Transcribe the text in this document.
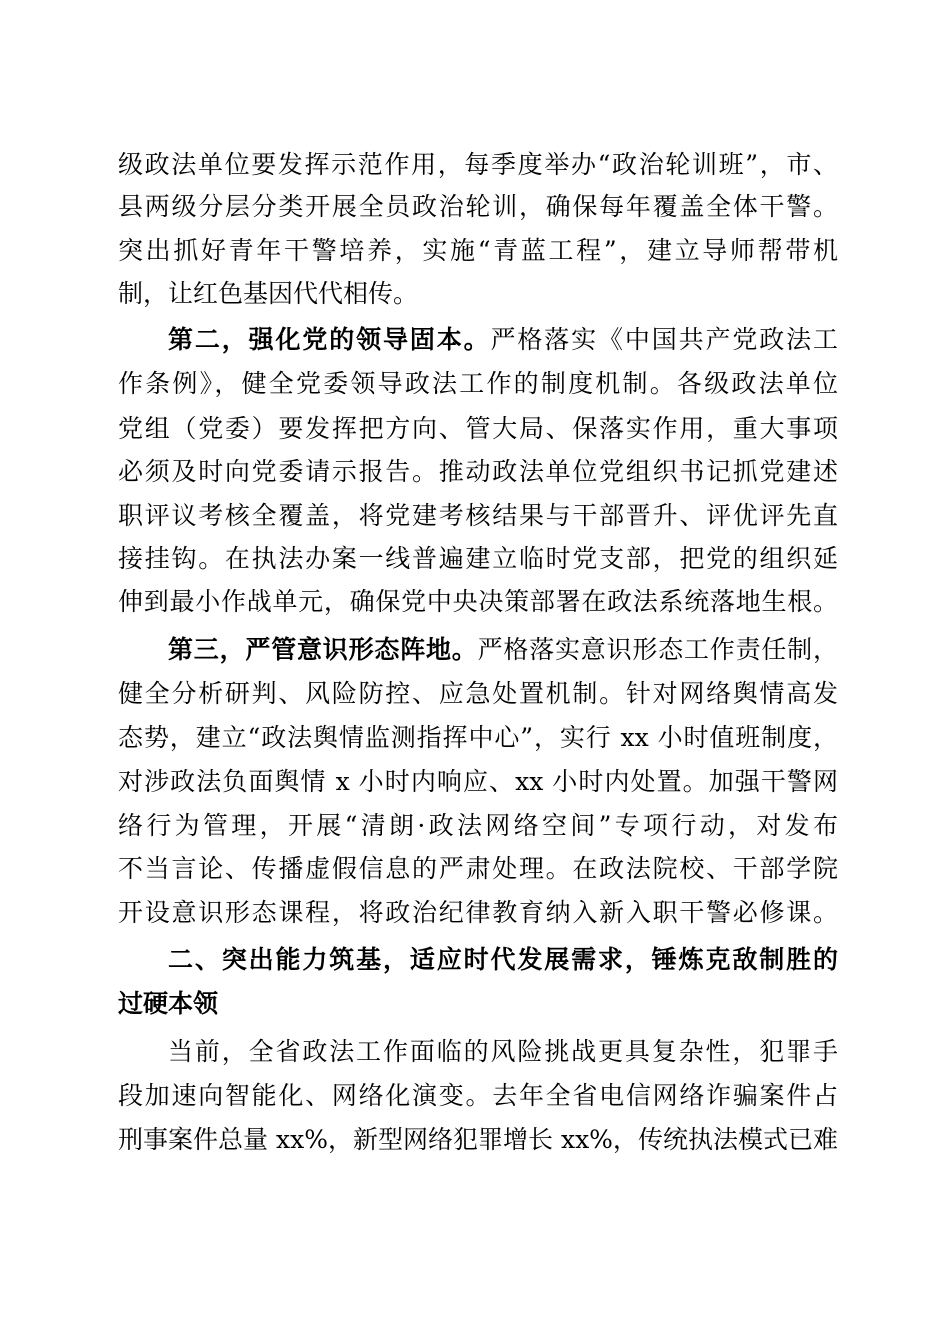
级政法单位要发挥示范作用，每季度举办“政治轮训班”，市、
县两级分层分类开展全员政治轮训，确保每年覆盖全体干警。
突出抓好青年干警培养，实施“青蓝工程”，建立导师帮带机
制，让红色基因代代相传。
第二，强化党的领导固本。严格落实《中国共产党政法工
作条例》，健全党委领导政法工作的制度机制。各级政法单位
党组（党委）要发挥把方向、管大局、保落实作用，重大事项
必须及时向党委请示报告。推动政法单位党组织书记抓党建述
职评议考核全覆盖，将党建考核结果与干部晋升、评优评先直
接挂钩。在执法办案一线普遍建立临时党支部，把党的组织延
伸到最小作战单元，确保党中央决策部署在政法系统落地生根。
第三，严管意识形态阵地。严格落实意识形态工作责任制，
健全分析研判、风险防控、应急处置机制。针对网络舆情高发
态势，建立“政法舆情监测指挥中心”，实行 xx 小时值班制度，
对涉政法负面舆情 x 小时内响应、xx 小时内处置。加强干警网
络行为管理，开展“清朗·政法网络空间”专项行动，对发布
不当言论、传播虚假信息的严肃处理。在政法院校、干部学院
开设意识形态课程，将政治纪律教育纳入新入职干警必修课。
二、突出能力筑基，适应时代发展需求，锤炼克敌制胜的
过硬本领
当前，全省政法工作面临的风险挑战更具复杂性，犯罪手
段加速向智能化、网络化演变。去年全省电信网络诈骗案件占
刑事案件总量 xx%，新型网络犯罪增长 xx%，传统执法模式已难
